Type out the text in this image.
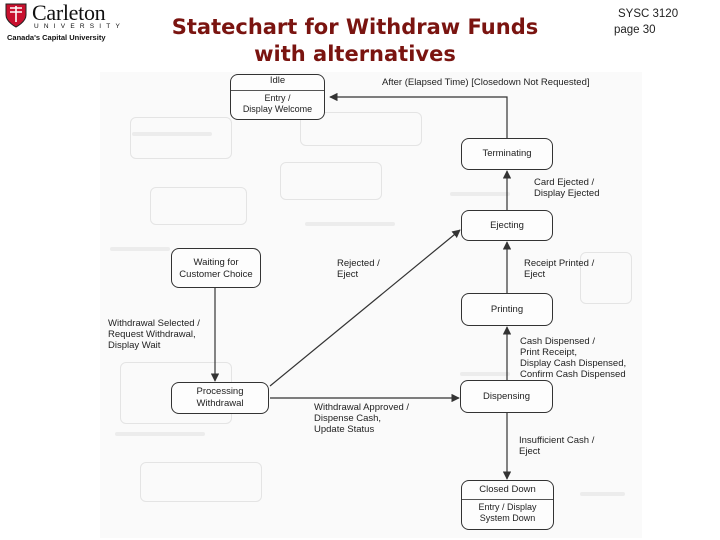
Carleton
UNIVERSITY
Canada's Capital University	Statechart for Withdraw Funds
with alternatives
SYSC 3120
page 30
Idle
Entry /
Display Welcome
Terminating
Ejecting
Waiting for
Customer Choice
Printing
Processing
Withdrawal
Dispensing
Closed Down
Entry / Display
System Down
After (Elapsed Time) [Closedown Not Requested]
Card Ejected /
Display Ejected
Rejected /
Eject
Receipt Printed /
Eject
Withdrawal Selected /
Request Withdrawal,
Display Wait	Cash Dispensed /
Print Receipt,
Display Cash Dispensed,
Confirm Cash Dispensed
Withdrawal Approved /
Dispense Cash,
Update Status
Insufficient Cash /
Eject
